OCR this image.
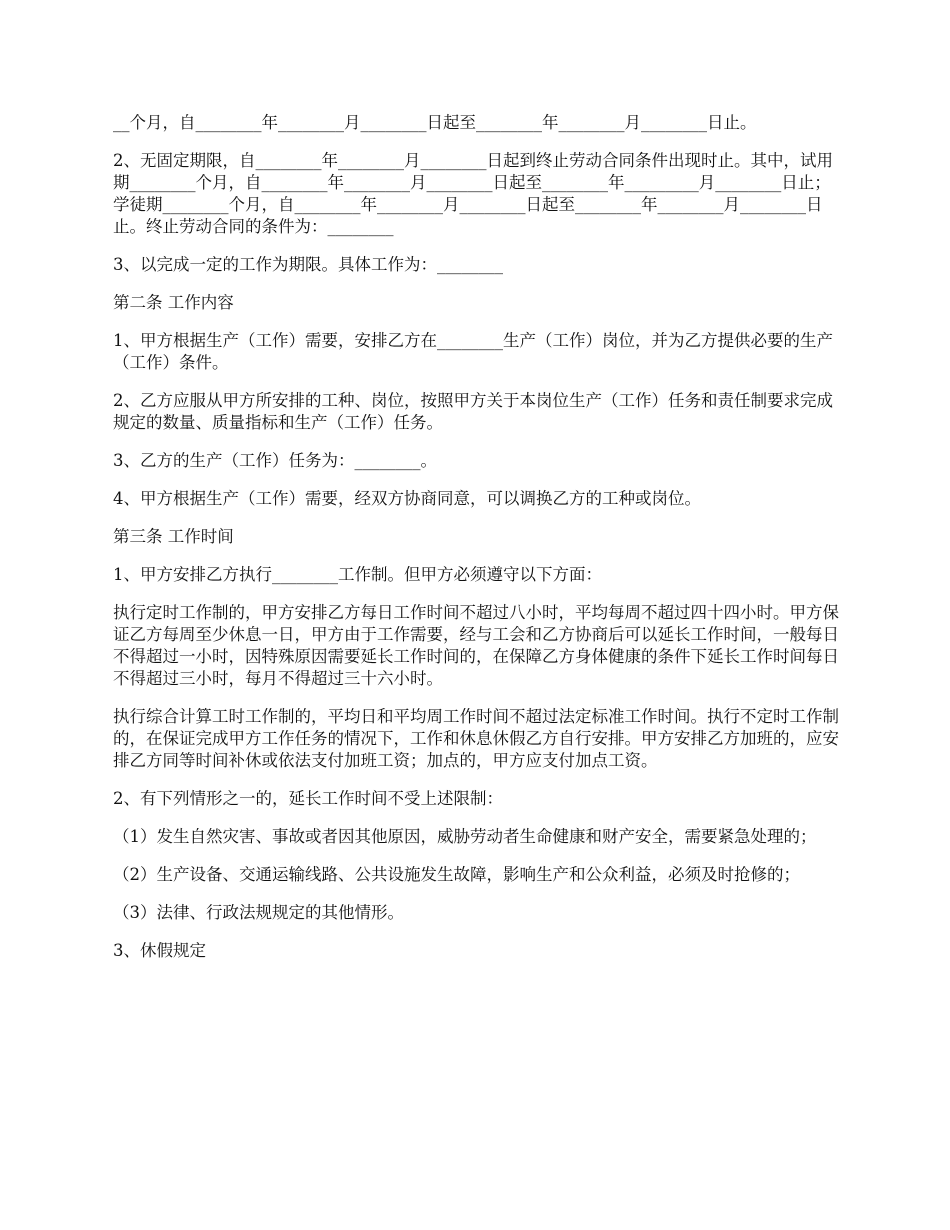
__个月，自________年________月________日起至________年________月________日止。

2、无固定期限，自________年________月________日起到终止劳动合同条件出现时止。其中，试用期________个月，自________年________月________日起至________年_________月________日止；学徒期________个月，自________年________月________日起至________年________月________日止。终止劳动合同的条件为：________

3、以完成一定的工作为期限。具体工作为：________

第二条 工作内容

1、甲方根据生产（工作）需要，安排乙方在________生产（工作）岗位，并为乙方提供必要的生产（工作）条件。

2、乙方应服从甲方所安排的工种、岗位，按照甲方关于本岗位生产（工作）任务和责任制要求完成规定的数量、质量指标和生产（工作）任务。

3、乙方的生产（工作）任务为：________。

4、甲方根据生产（工作）需要，经双方协商同意，可以调换乙方的工种或岗位。

第三条 工作时间

1、甲方安排乙方执行________工作制。但甲方必须遵守以下方面：

执行定时工作制的，甲方安排乙方每日工作时间不超过八小时，平均每周不超过四十四小时。甲方保证乙方每周至少休息一日，甲方由于工作需要，经与工会和乙方协商后可以延长工作时间，一般每日不得超过一小时，因特殊原因需要延长工作时间的，在保障乙方身体健康的条件下延长工作时间每日不得超过三小时，每月不得超过三十六小时。

执行综合计算工时工作制的，平均日和平均周工作时间不超过法定标准工作时间。执行不定时工作制的，在保证完成甲方工作任务的情况下，工作和休息休假乙方自行安排。甲方安排乙方加班的，应安排乙方同等时间补休或依法支付加班工资；加点的，甲方应支付加点工资。

2、有下列情形之一的，延长工作时间不受上述限制：

（1）发生自然灾害、事故或者因其他原因，威胁劳动者生命健康和财产安全，需要紧急处理的；

（2）生产设备、交通运输线路、公共设施发生故障，影响生产和公众利益，必须及时抢修的；

（3）法律、行政法规规定的其他情形。

3、休假规定
